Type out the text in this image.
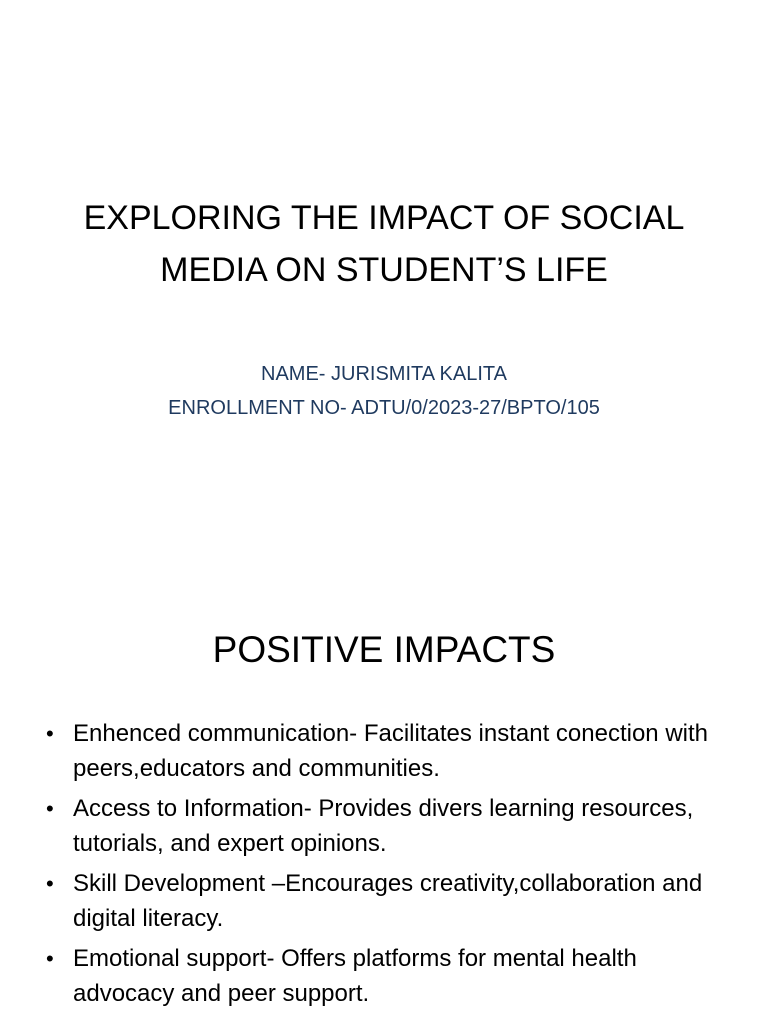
EXPLORING THE IMPACT OF SOCIAL
MEDIA ON STUDENT’S LIFE
NAME- JURISMITA KALITA
ENROLLMENT NO- ADTU/0/2023-27/BPTO/105
POSITIVE IMPACTS
• Enhenced communication- Facilitates instant conection with peers,educators and communities.
• Access to Information- Provides divers learning resources, tutorials, and expert opinions.
• Skill Development –Encourages creativity,collaboration and digital literacy.
• Emotional support- Offers platforms for mental health advocacy and peer support.
